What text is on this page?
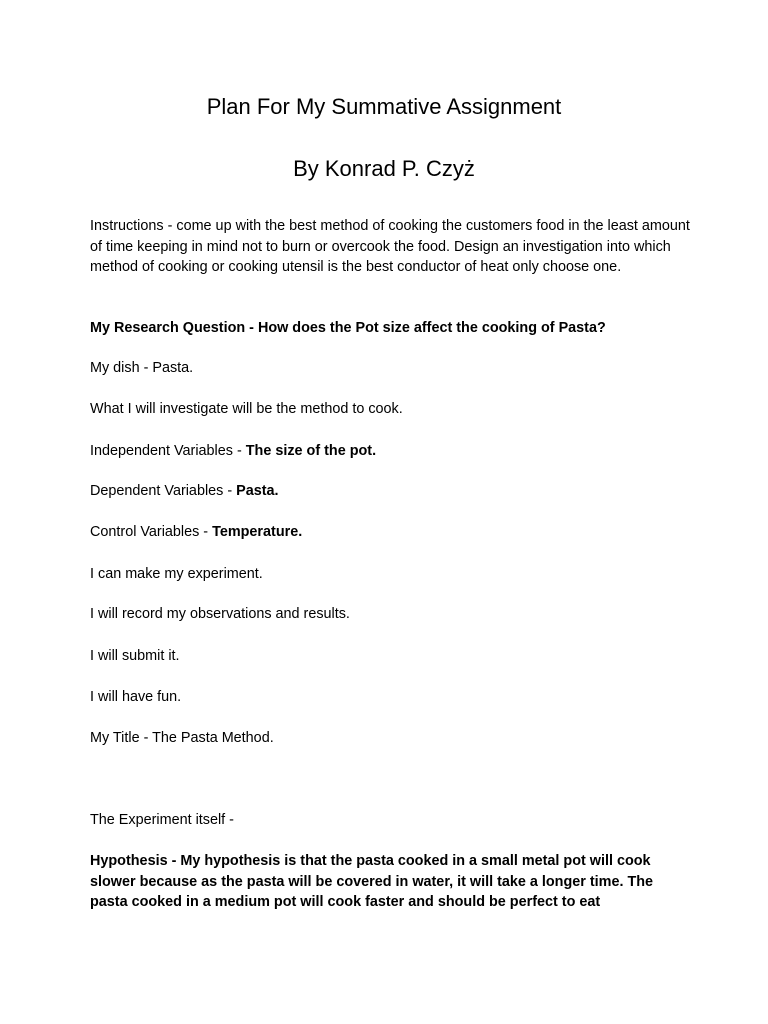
Plan For My Summative Assignment
By Konrad P. Czyż

Instructions - come up with the best method of cooking the customers food in the least amount of time keeping in mind not to burn or overcook the food. Design an investigation into which method of cooking or cooking utensil is the best conductor of heat only choose one.

My Research Question - How does the Pot size affect the cooking of Pasta?

My dish - Pasta.

What I will investigate will be the method to cook.

Independent Variables - The size of the pot.

Dependent Variables - Pasta.

Control Variables - Temperature.

I can make my experiment.

I will record my observations and results.

I will submit it.

I will have fun.

My Title - The Pasta Method.

The Experiment itself -

Hypothesis - My hypothesis is that the pasta cooked in a small metal pot will cook slower because as the pasta will be covered in water, it will take a longer time. The pasta cooked in a medium pot will cook faster and should be perfect to eat
